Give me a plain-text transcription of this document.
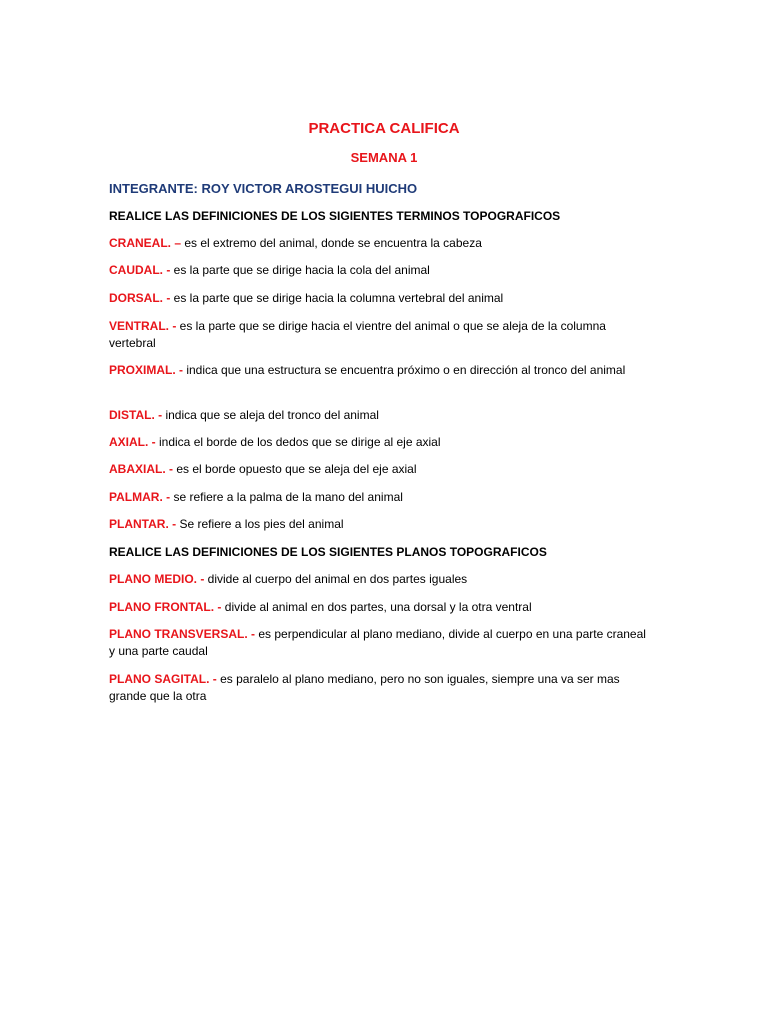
PRACTICA CALIFICA
SEMANA 1
INTEGRANTE: ROY VICTOR AROSTEGUI HUICHO
REALICE LAS DEFINICIONES DE LOS SIGIENTES TERMINOS TOPOGRAFICOS
CRANEAL. – es el extremo del animal, donde se encuentra la cabeza
CAUDAL. - es la parte que se dirige hacia la cola del animal
DORSAL. - es la parte que se dirige hacia la columna vertebral del animal
VENTRAL. - es la parte que se dirige hacia el vientre del animal o que se aleja de la columna vertebral
PROXIMAL. - indica que una estructura se encuentra próximo o en dirección al tronco del animal
DISTAL. - indica que se aleja del tronco del animal
AXIAL. - indica el borde de los dedos que se dirige al eje axial
ABAXIAL. - es el borde opuesto que se aleja del eje axial
PALMAR. - se refiere a la palma de la mano del animal
PLANTAR. - Se refiere a los pies del animal
REALICE LAS DEFINICIONES DE LOS SIGIENTES PLANOS TOPOGRAFICOS
PLANO MEDIO. - divide al cuerpo del animal en dos partes iguales
PLANO FRONTAL. - divide al animal en dos partes, una dorsal y la otra ventral
PLANO TRANSVERSAL. - es perpendicular al plano mediano, divide al cuerpo en una parte craneal y una parte caudal
PLANO SAGITAL. - es paralelo al plano mediano, pero no son iguales, siempre una va ser mas grande que la otra
